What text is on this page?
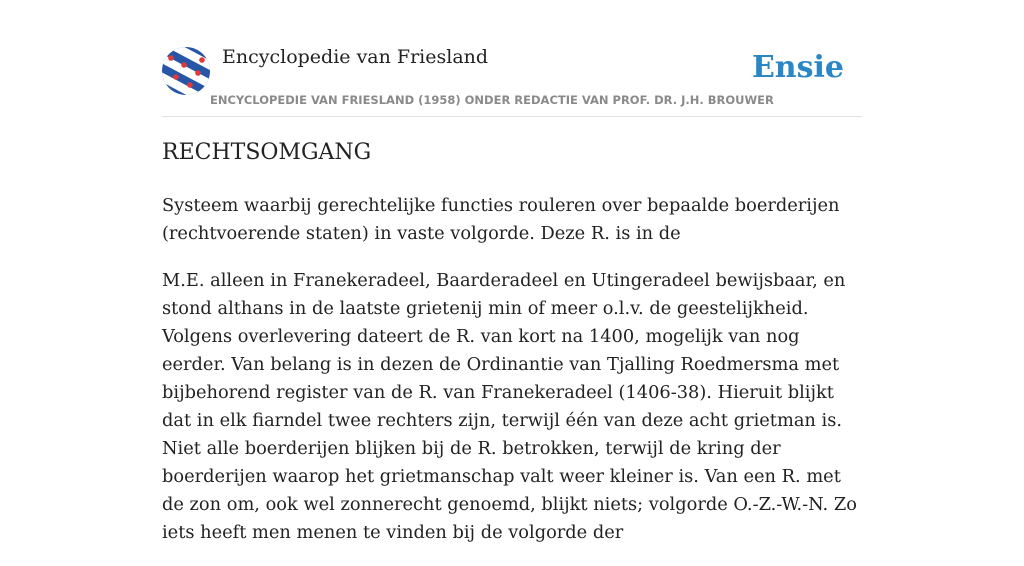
Encyclopedie van Friesland
ENCYCLOPEDIE VAN FRIESLAND (1958) ONDER REDACTIE VAN PROF. DR. J.H. BROUWER
Ensie
RECHTSOMGANG

Systeem waarbij gerechtelijke functies rouleren over bepaalde boerderijen (rechtvoerende staten) in vaste volgorde. Deze R. is in de

M.E. alleen in Franekeradeel, Baarderadeel en Utingeradeel bewijsbaar, en stond althans in de laatste grietenij min of meer o.l.v. de geestelijkheid. Volgens overlevering dateert de R. van kort na 1400, mogelijk van nog eerder. Van belang is in dezen de Ordinantie van Tjalling Roedmersma met bijbehorend register van de R. van Franekeradeel (1406-38). Hieruit blijkt dat in elk fiarndel twee rechters zijn, terwijl één van deze acht grietman is. Niet alle boerderijen blijken bij de R. betrokken, terwijl de kring der boerderijen waarop het grietmanschap valt weer kleiner is. Van een R. met de zon om, ook wel zonnerecht genoemd, blijkt niets; volgorde O.-Z.-W.-N. Zo iets heeft men menen te vinden bij de volgorde der
